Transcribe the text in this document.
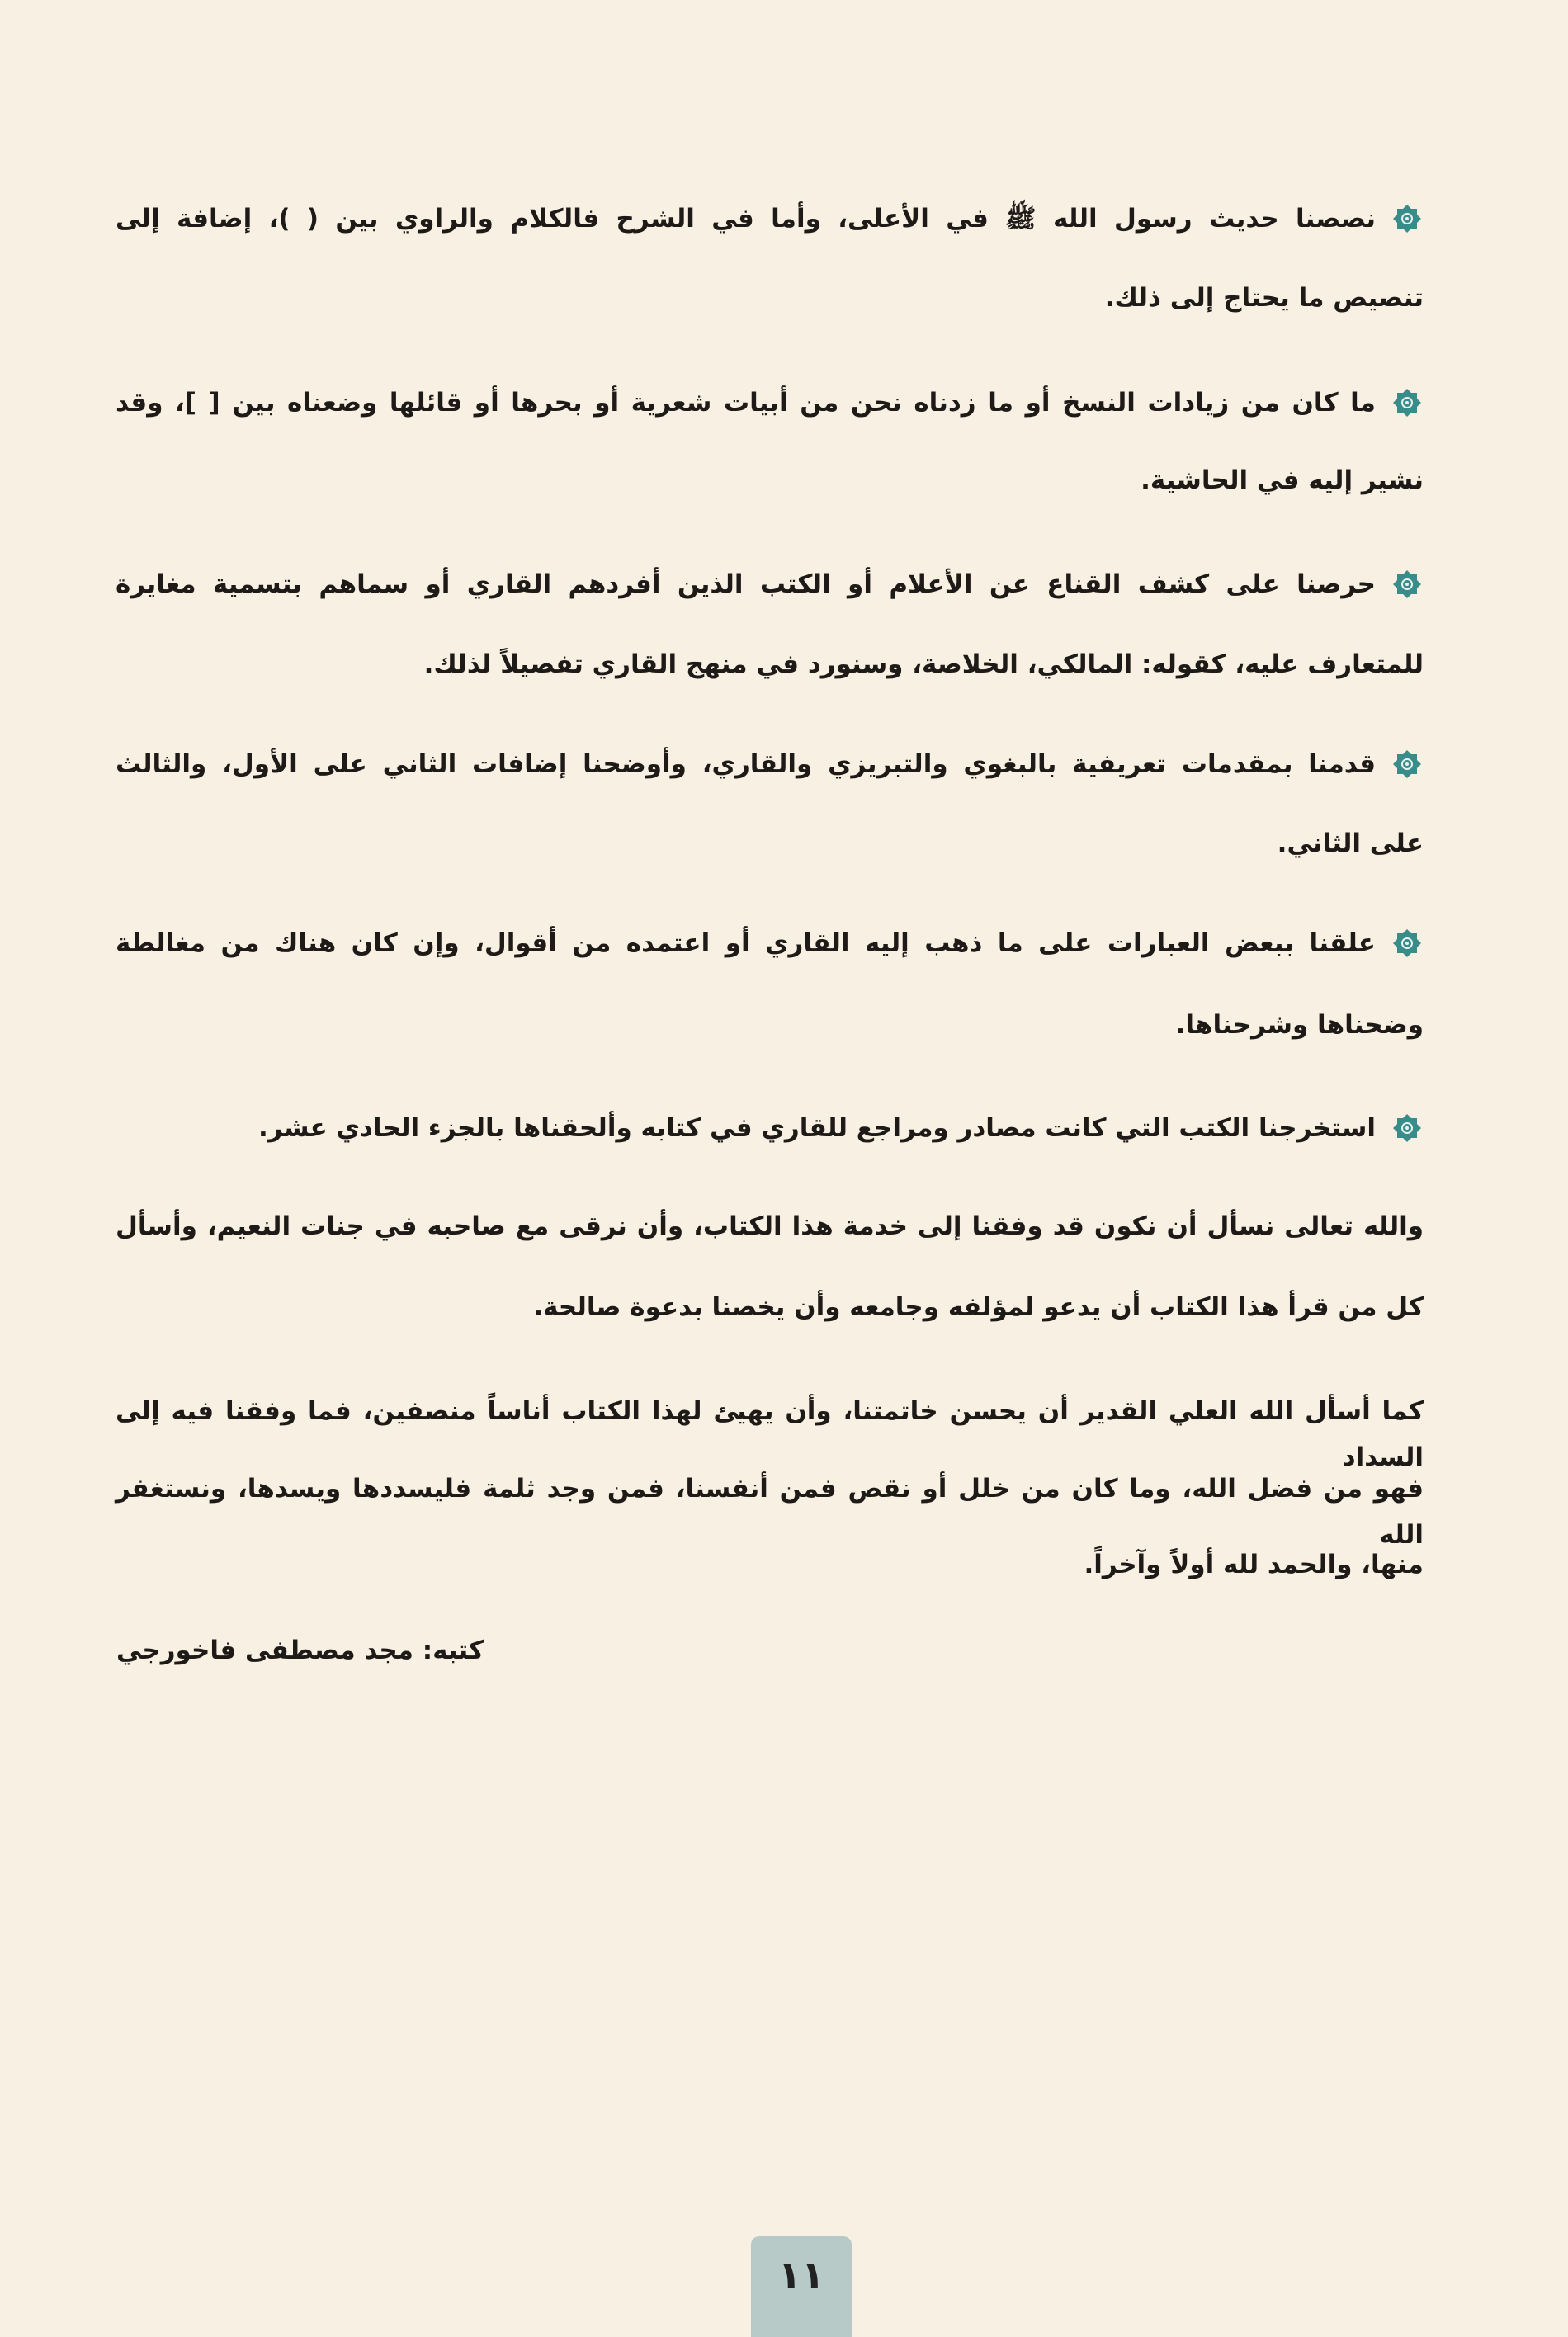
نصصنا حديث رسول الله ﷺ في الأعلى، وأما في الشرح فالكلام والراوي بين ( )، إضافة إلى
تنصيص ما يحتاج إلى ذلك.
ما كان من زيادات النسخ أو ما زدناه نحن من أبيات شعرية أو بحرها أو قائلها وضعناه بين [ ]، وقد
نشير إليه في الحاشية.
حرصنا على كشف القناع عن الأعلام أو الكتب الذين أفردهم القاري أو سماهم بتسمية مغايرة
للمتعارف عليه، كقوله: المالكي، الخلاصة، وسنورد في منهج القاري تفصيلاً لذلك.
قدمنا بمقدمات تعريفية بالبغوي والتبريزي والقاري، وأوضحنا إضافات الثاني على الأول، والثالث
على الثاني.
علقنا ببعض العبارات على ما ذهب إليه القاري أو اعتمده من أقوال، وإن كان هناك من مغالطة
وضحناها وشرحناها.
استخرجنا الكتب التي كانت مصادر ومراجع للقاري في كتابه وألحقناها بالجزء الحادي عشر.
والله تعالى نسأل أن نكون قد وفقنا إلى خدمة هذا الكتاب، وأن نرقى مع صاحبه في جنات النعيم، وأسأل
كل من قرأ هذا الكتاب أن يدعو لمؤلفه وجامعه وأن يخصنا بدعوة صالحة.
كما أسأل الله العلي القدير أن يحسن خاتمتنا، وأن يهيئ لهذا الكتاب أناساً منصفين، فما وفقنا فيه إلى السداد
فهو من فضل الله، وما كان من خلل أو نقص فمن أنفسنا، فمن وجد ثلمة فليسددها ويسدها، ونستغفر الله
منها، والحمد لله أولاً وآخراً.
كتبه: مجد مصطفى فاخورجي
١١
